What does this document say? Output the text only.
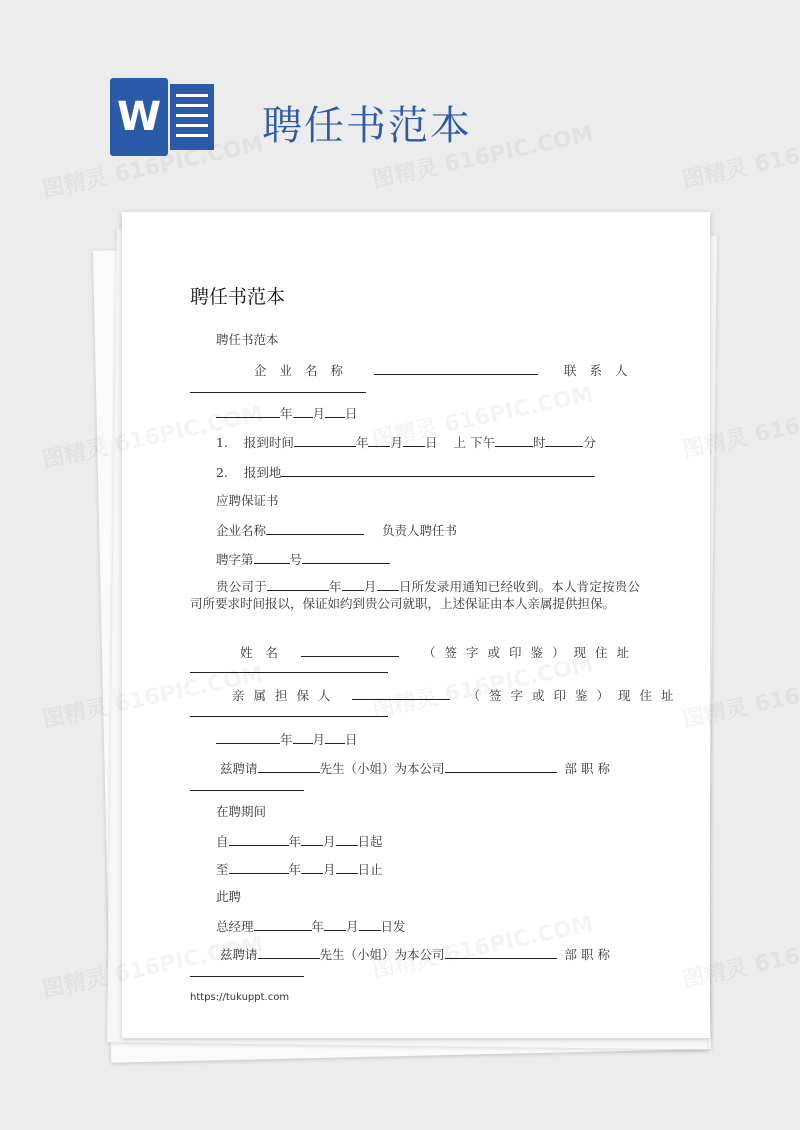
W	聘任书范本
聘任书范本
聘任书范本
企业名称	联系人
年 月 日
1. 报到时间	年 月 日 上 下午	时	分
2. 报到地
应聘保证书
企业名称	负责人聘任书
聘字第	号
贵公司于	年 月 日所发录用通知已经收到。本人肯定按贵公司所要求时间报以，保证如约到贵公司就职，上述保证由本人亲属提供担保。
姓名	（签字或印鉴）现住址
亲属担保人	（签字或印鉴）现住址
年 月 日
兹聘请	先生（小姐）为本公司	部职称
在聘期间
自	年 月 日起
至	年 月 日止
此聘
总经理	年 月 日发
兹聘请	先生（小姐）为本公司	部职称
https://tukuppt.com
